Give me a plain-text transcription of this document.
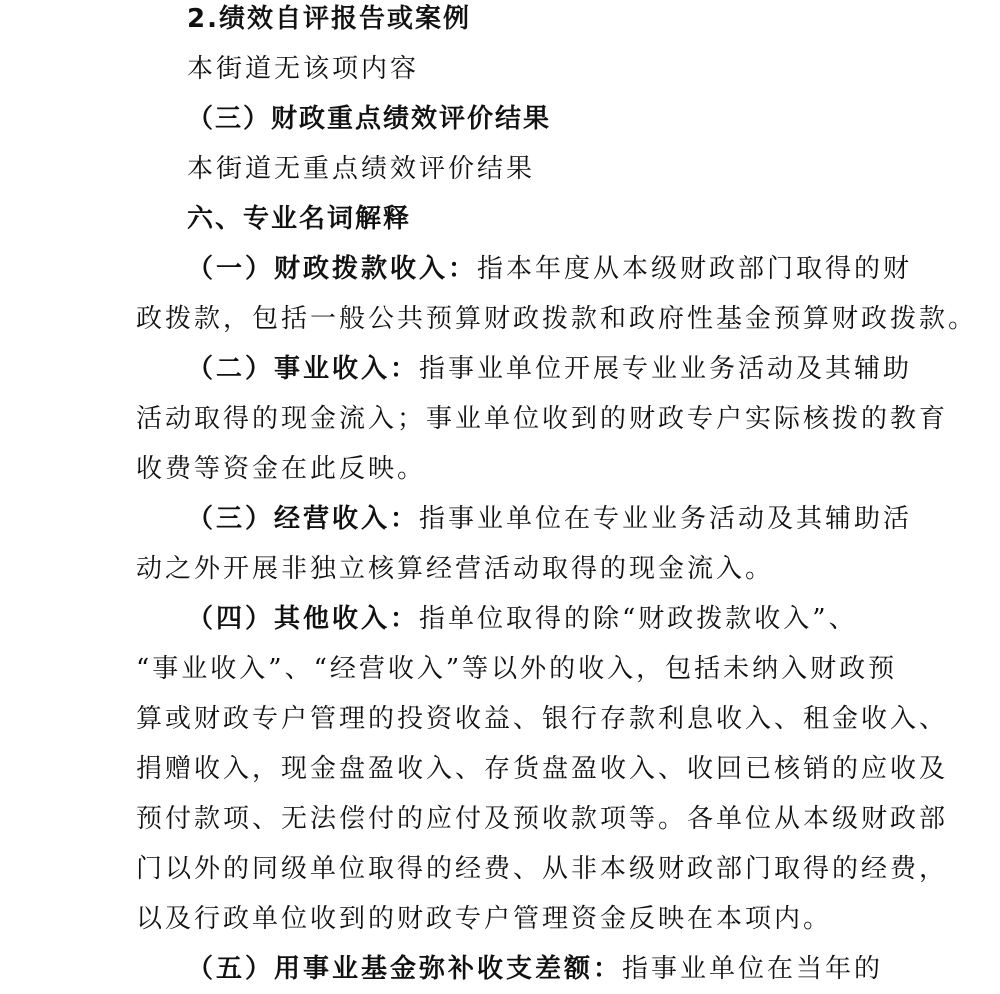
2.绩效自评报告或案例
本街道无该项内容
（三）财政重点绩效评价结果
本街道无重点绩效评价结果
六、专业名词解释
（一）财政拨款收入：指本年度从本级财政部门取得的财
政拨款，包括一般公共预算财政拨款和政府性基金预算财政拨款。
（二）事业收入：指事业单位开展专业业务活动及其辅助
活动取得的现金流入；事业单位收到的财政专户实际核拨的教育
收费等资金在此反映。
（三）经营收入：指事业单位在专业业务活动及其辅助活
动之外开展非独立核算经营活动取得的现金流入。
（四）其他收入：指单位取得的除“财政拨款收入”、
“事业收入”、“经营收入”等以外的收入，包括未纳入财政预
算或财政专户管理的投资收益、银行存款利息收入、租金收入、
捐赠收入，现金盘盈收入、存货盘盈收入、收回已核销的应收及
预付款项、无法偿付的应付及预收款项等。各单位从本级财政部
门以外的同级单位取得的经费、从非本级财政部门取得的经费，
以及行政单位收到的财政专户管理资金反映在本项内。
（五）用事业基金弥补收支差额：指事业单位在当年的
